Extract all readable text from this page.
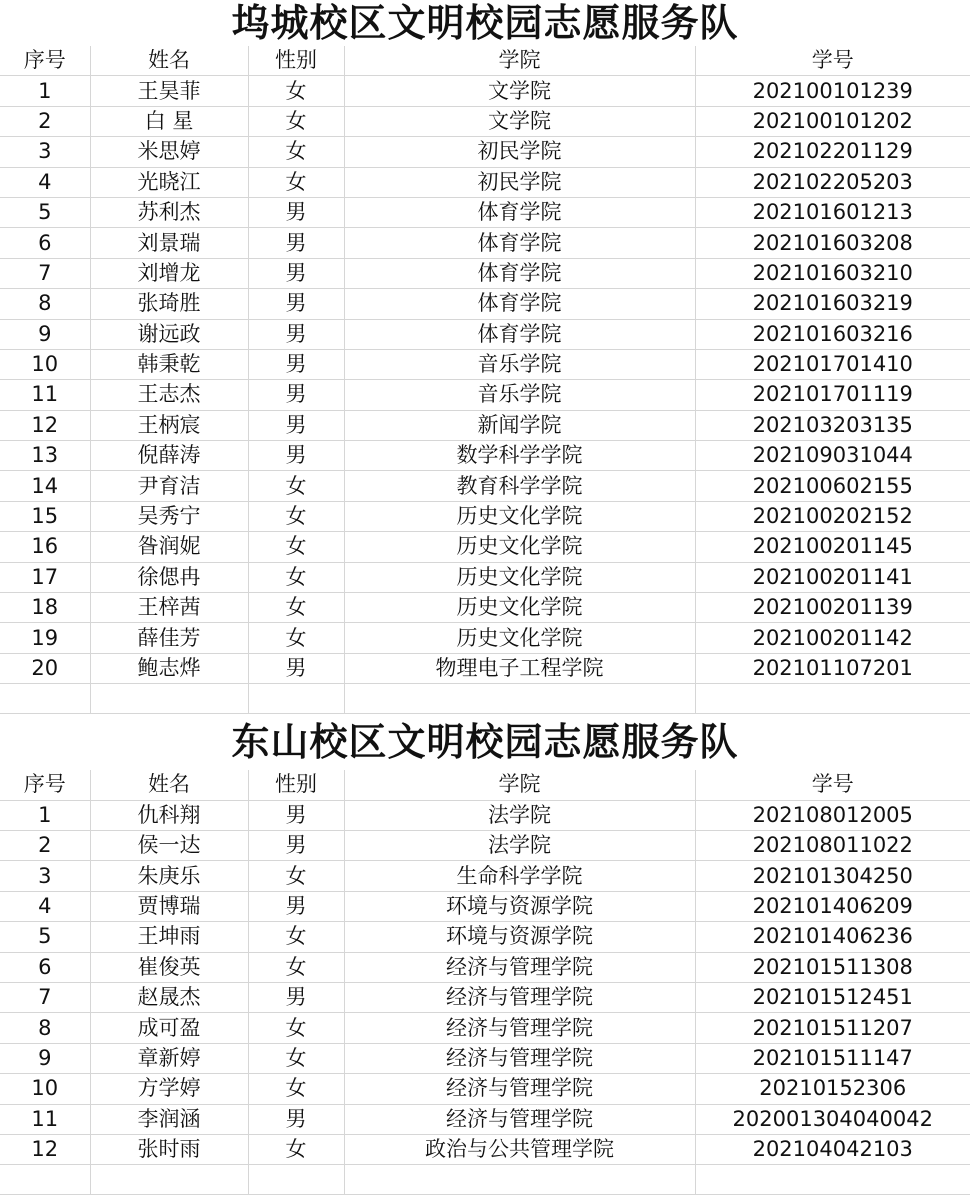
坞城校区文明校园志愿服务队
序号	姓名	性别	学院	学号
1	王昊菲	女	文学院	202100101239
2	白 星	女	文学院	202100101202
3	米思婷	女	初民学院	202102201129
4	光晓江	女	初民学院	202102205203
5	苏利杰	男	体育学院	202101601213
6	刘景瑞	男	体育学院	202101603208
7	刘增龙	男	体育学院	202101603210
8	张琦胜	男	体育学院	202101603219
9	谢远政	男	体育学院	202101603216
10	韩秉乾	男	音乐学院	202101701410
11	王志杰	男	音乐学院	202101701119
12	王柄宸	男	新闻学院	202103203135
13	倪薛涛	男	数学科学学院	202109031044
14	尹育洁	女	教育科学学院	202100602155
15	吴秀宁	女	历史文化学院	202100202152
16	昝润妮	女	历史文化学院	202100201145
17	徐偲冉	女	历史文化学院	202100201141
18	王梓茜	女	历史文化学院	202100201139
19	薛佳芳	女	历史文化学院	202100201142
20	鲍志烨	男	物理电子工程学院	202101107201

东山校区文明校园志愿服务队
序号	姓名	性别	学院	学号
1	仇科翔	男	法学院	202108012005
2	侯一达	男	法学院	202108011022
3	朱庚乐	女	生命科学学院	202101304250
4	贾博瑞	男	环境与资源学院	202101406209
5	王坤雨	女	环境与资源学院	202101406236
6	崔俊英	女	经济与管理学院	202101511308
7	赵晟杰	男	经济与管理学院	202101512451
8	成可盈	女	经济与管理学院	202101511207
9	章新婷	女	经济与管理学院	202101511147
10	方学婷	女	经济与管理学院	20210152306
11	李润涵	男	经济与管理学院	202001304040042
12	张时雨	女	政治与公共管理学院	202104042103
